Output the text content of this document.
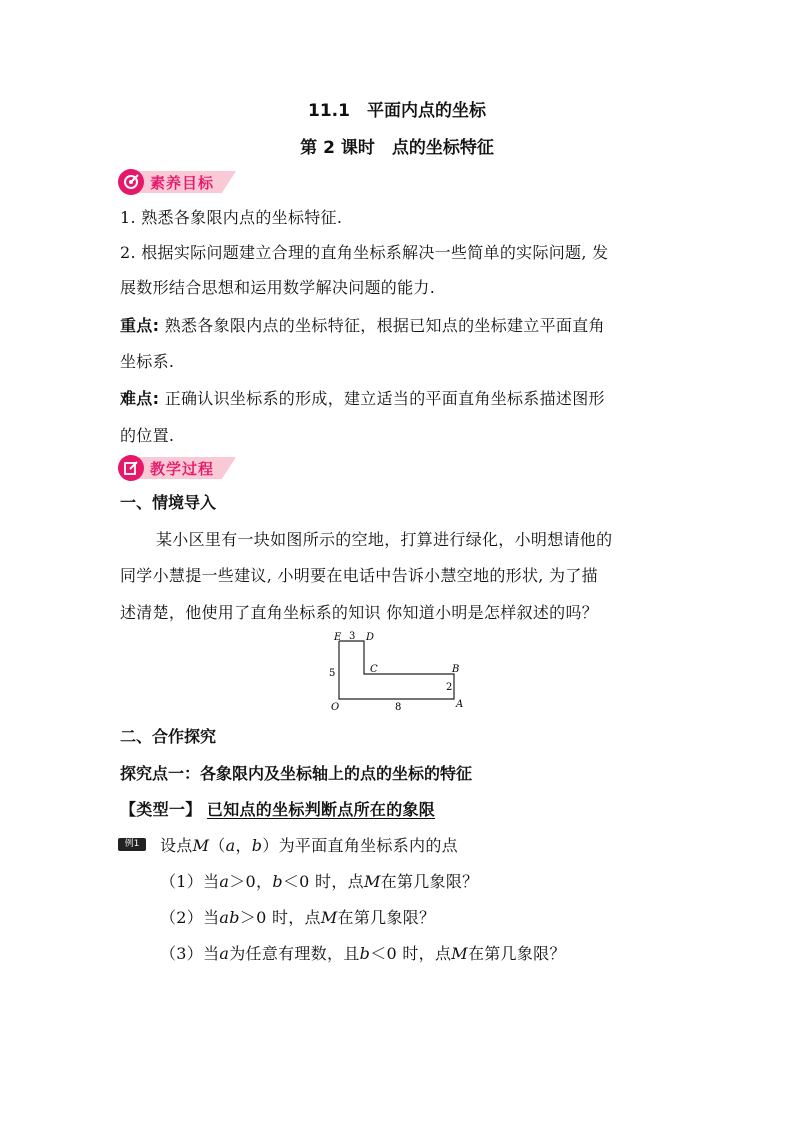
11.1　平面内点的坐标
第 2 课时　点的坐标特征
素养目标
1. 熟悉各象限内点的坐标特征.
2. 根据实际问题建立合理的直角坐标系解决一些简单的实际问题, 发
展数形结合思想和运用数学解决问题的能力.
重点: 熟悉各象限内点的坐标特征，根据已知点的坐标建立平面直角
坐标系.
难点: 正确认识坐标系的形成，建立适当的平面直角坐标系描述图形
的位置.
教学过程
一、情境导入
某小区里有一块如图所示的空地，打算进行绿化，小明想请他的
同学小慧提一些建议, 小明要在电话中告诉小慧空地的形状, 为了描
述清楚，他使用了直角坐标系的知识 你知道小明是怎样叙述的吗？
E D
3
C	B
2
5
O	8	A
二、合作探究
探究点一：各象限内及坐标轴上的点的坐标的特征
【类型一】 已知点的坐标判断点所在的象限
例1	设点M（a，b）为平面直角坐标系内的点
（1）当a＞0，b＜0 时，点M在第几象限？
（2）当ab＞0 时，点M在第几象限？
（3）当a为任意有理数，且b＜0 时，点M在第几象限？
